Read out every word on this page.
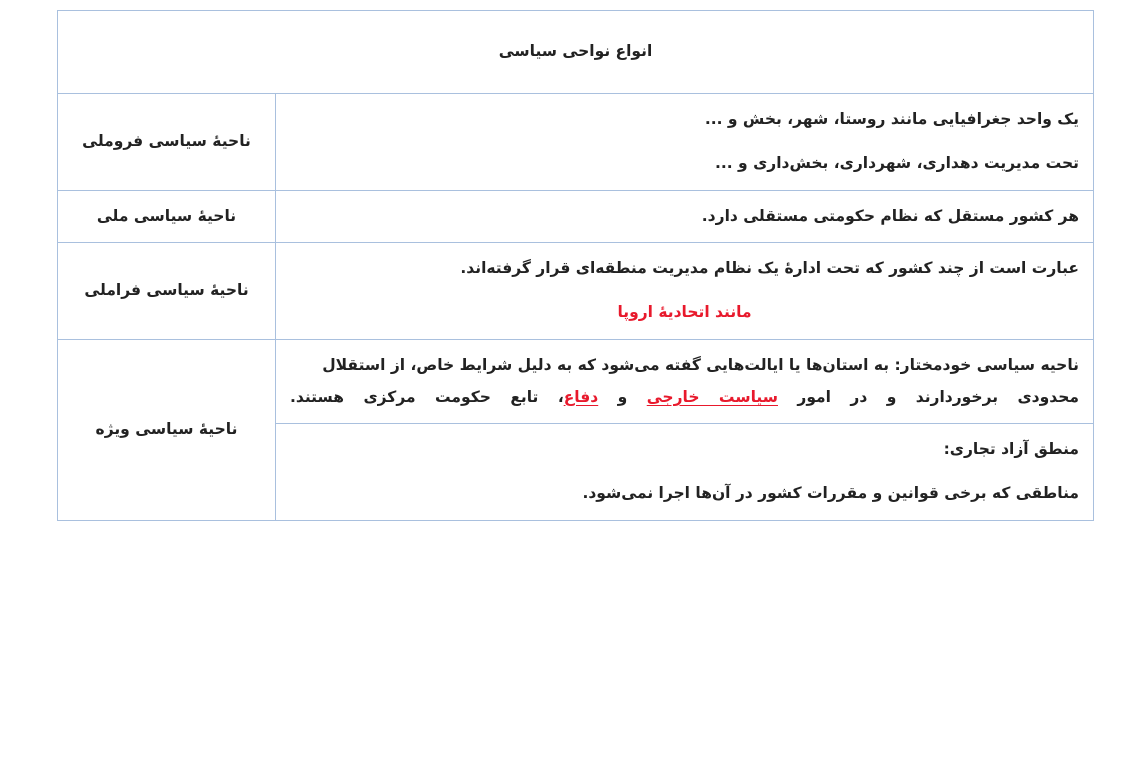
انواع نواحی سیاسی	

یک واحد جغرافیایی مانند روستا، شهر، بخش و ...
تحت مدیریت دهداری، شهرداری، بخش‌داری و ...	ناحیهٔ سیاسی فروملی

هر کشور مستقل که نظام حکومتی مستقلی دارد.	ناحیهٔ سیاسی ملی

عبارت است از چند کشور که تحت ادارهٔ یک نظام مدیریت منطقه‌ای قرار گرفته‌اند.
مانند اتحادیهٔ اروپا	ناحیهٔ سیاسی فراملی
ناحیه سیاسی خودمختار: به استان‌ها یا ایالت‌هایی گفته می‌شود که به دلیل شرایط خاص، از استقلال محدودی برخوردارند و در امور سیاست خارجی و دفاع، تابع حکومت مرکزی هستند.	ناحیهٔ سیاسی ویژه

منطق آزاد تجاری:
مناطقی که برخی قوانین و مقررات کشور در آن‌ها اجرا نمی‌شود.	
